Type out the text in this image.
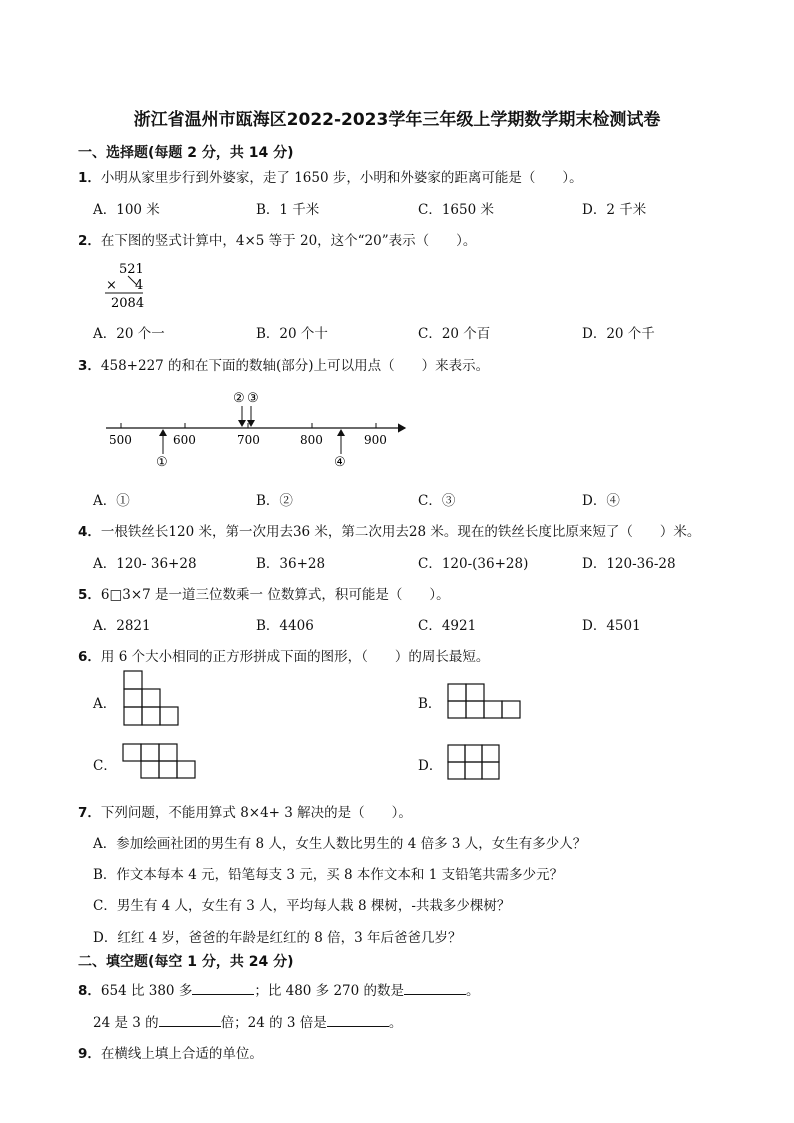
浙江省温州市瓯海区2022-2023学年三年级上学期数学期末检测试卷
一、选择题(每题 2 分，共 14 分)
1．小明从家里步行到外婆家，走了 1650 步，小明和外婆家的距离可能是（　　）。
A．100 米	B．1 千米	C．1650 米	D．2 千米
2．在下图的竖式计算中，4×5 等于 20，这个“20”表示（　　）。
521
× 4
2084
A．20 个一	B．20 个十	C．20 个百	D．20 个千
3．458+227 的和在下面的数轴(部分)上可以用点（　　）来表示。
500	600	700	800	900
①
② ③
④
A．①	B．②	C．③	D．④
4．一根铁丝长120 米，第一次用去36 米，第二次用去28 米。现在的铁丝长度比原来短了（　　）米。
A．120- 36+28	B．36+28	C．120-(36+28)	D．120-36-28
5．6□3×7 是一道三位数乘一 位数算式，积可能是（　　）。
A．2821	B．4406	C．4921	D．4501
6．用 6 个大小相同的正方形拼成下面的图形，（　　）的周长最短。
A．	B．
C．	D．
7．下列问题，不能用算式 8×4+ 3 解决的是（　　）。
A．参加绘画社团的男生有 8 人，女生人数比男生的 4 倍多 3 人，女生有多少人？
B．作文本每本 4 元，铅笔每支 3 元，买 8 本作文本和 1 支铅笔共需多少元？
C．男生有 4 人，女生有 3 人，平均每人栽 8 棵树，-共栽多少棵树？
D．红红 4 岁，爸爸的年龄是红红的 8 倍，3 年后爸爸几岁？
二、填空题(每空 1 分，共 24 分)
8．654 比 380 多	；比 480 多 270 的数是	。
24 是 3 的	倍；24 的 3 倍是	。
9．在横线上填上合适的单位。
